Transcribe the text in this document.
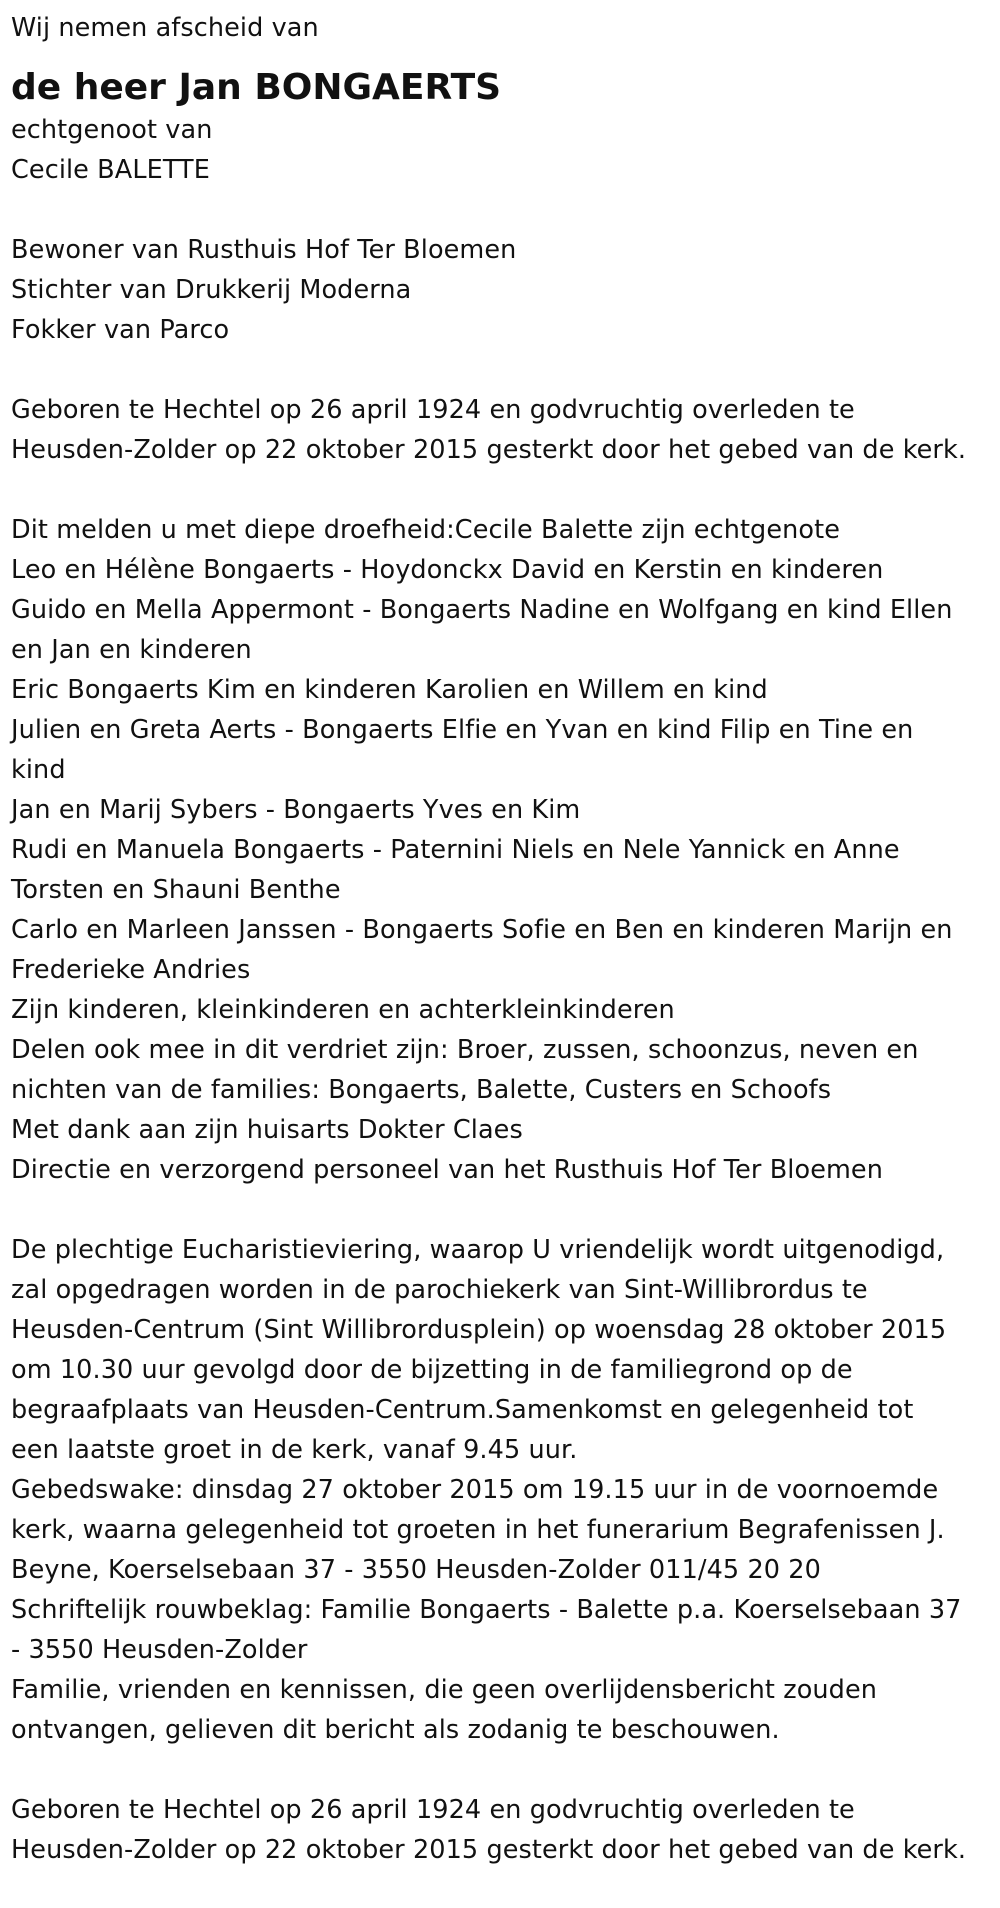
Wij nemen afscheid van
de heer Jan BONGAERTS
echtgenoot van
Cecile BALETTE
Bewoner van Rusthuis Hof Ter Bloemen
Stichter van Drukkerij Moderna
Fokker van Parco
Geboren te Hechtel op 26 april 1924 en godvruchtig overleden te
Heusden-Zolder op 22 oktober 2015 gesterkt door het gebed van de kerk.
Dit melden u met diepe droefheid:Cecile Balette zijn echtgenote
Leo en Hélène Bongaerts - Hoydonckx David en Kerstin en kinderen
Guido en Mella Appermont - Bongaerts Nadine en Wolfgang en kind Ellen
en Jan en kinderen
Eric Bongaerts Kim en kinderen Karolien en Willem en kind
Julien en Greta Aerts - Bongaerts Elfie en Yvan en kind Filip en Tine en
kind
Jan en Marij Sybers - Bongaerts Yves en Kim
Rudi en Manuela Bongaerts - Paternini Niels en Nele Yannick en Anne
Torsten en Shauni Benthe
Carlo en Marleen Janssen - Bongaerts Sofie en Ben en kinderen Marijn en
Frederieke Andries
Zijn kinderen, kleinkinderen en achterkleinkinderen
Delen ook mee in dit verdriet zijn: Broer, zussen, schoonzus, neven en
nichten van de families: Bongaerts, Balette, Custers en Schoofs
Met dank aan zijn huisarts Dokter Claes
Directie en verzorgend personeel van het Rusthuis Hof Ter Bloemen
De plechtige Eucharistieviering, waarop U vriendelijk wordt uitgenodigd,
zal opgedragen worden in de parochiekerk van Sint-Willibrordus te
Heusden-Centrum (Sint Willibrordusplein) op woensdag 28 oktober 2015
om 10.30 uur gevolgd door de bijzetting in de familiegrond op de
begraafplaats van Heusden-Centrum.Samenkomst en gelegenheid tot
een laatste groet in de kerk, vanaf 9.45 uur.
Gebedswake: dinsdag 27 oktober 2015 om 19.15 uur in de voornoemde
kerk, waarna gelegenheid tot groeten in het funerarium Begrafenissen J.
Beyne, Koerselsebaan 37 - 3550 Heusden-Zolder 011/45 20 20
Schriftelijk rouwbeklag: Familie Bongaerts - Balette p.a. Koerselsebaan 37
- 3550 Heusden-Zolder
Familie, vrienden en kennissen, die geen overlijdensbericht zouden
ontvangen, gelieven dit bericht als zodanig te beschouwen.
Geboren te Hechtel op 26 april 1924 en godvruchtig overleden te
Heusden-Zolder op 22 oktober 2015 gesterkt door het gebed van de kerk.
